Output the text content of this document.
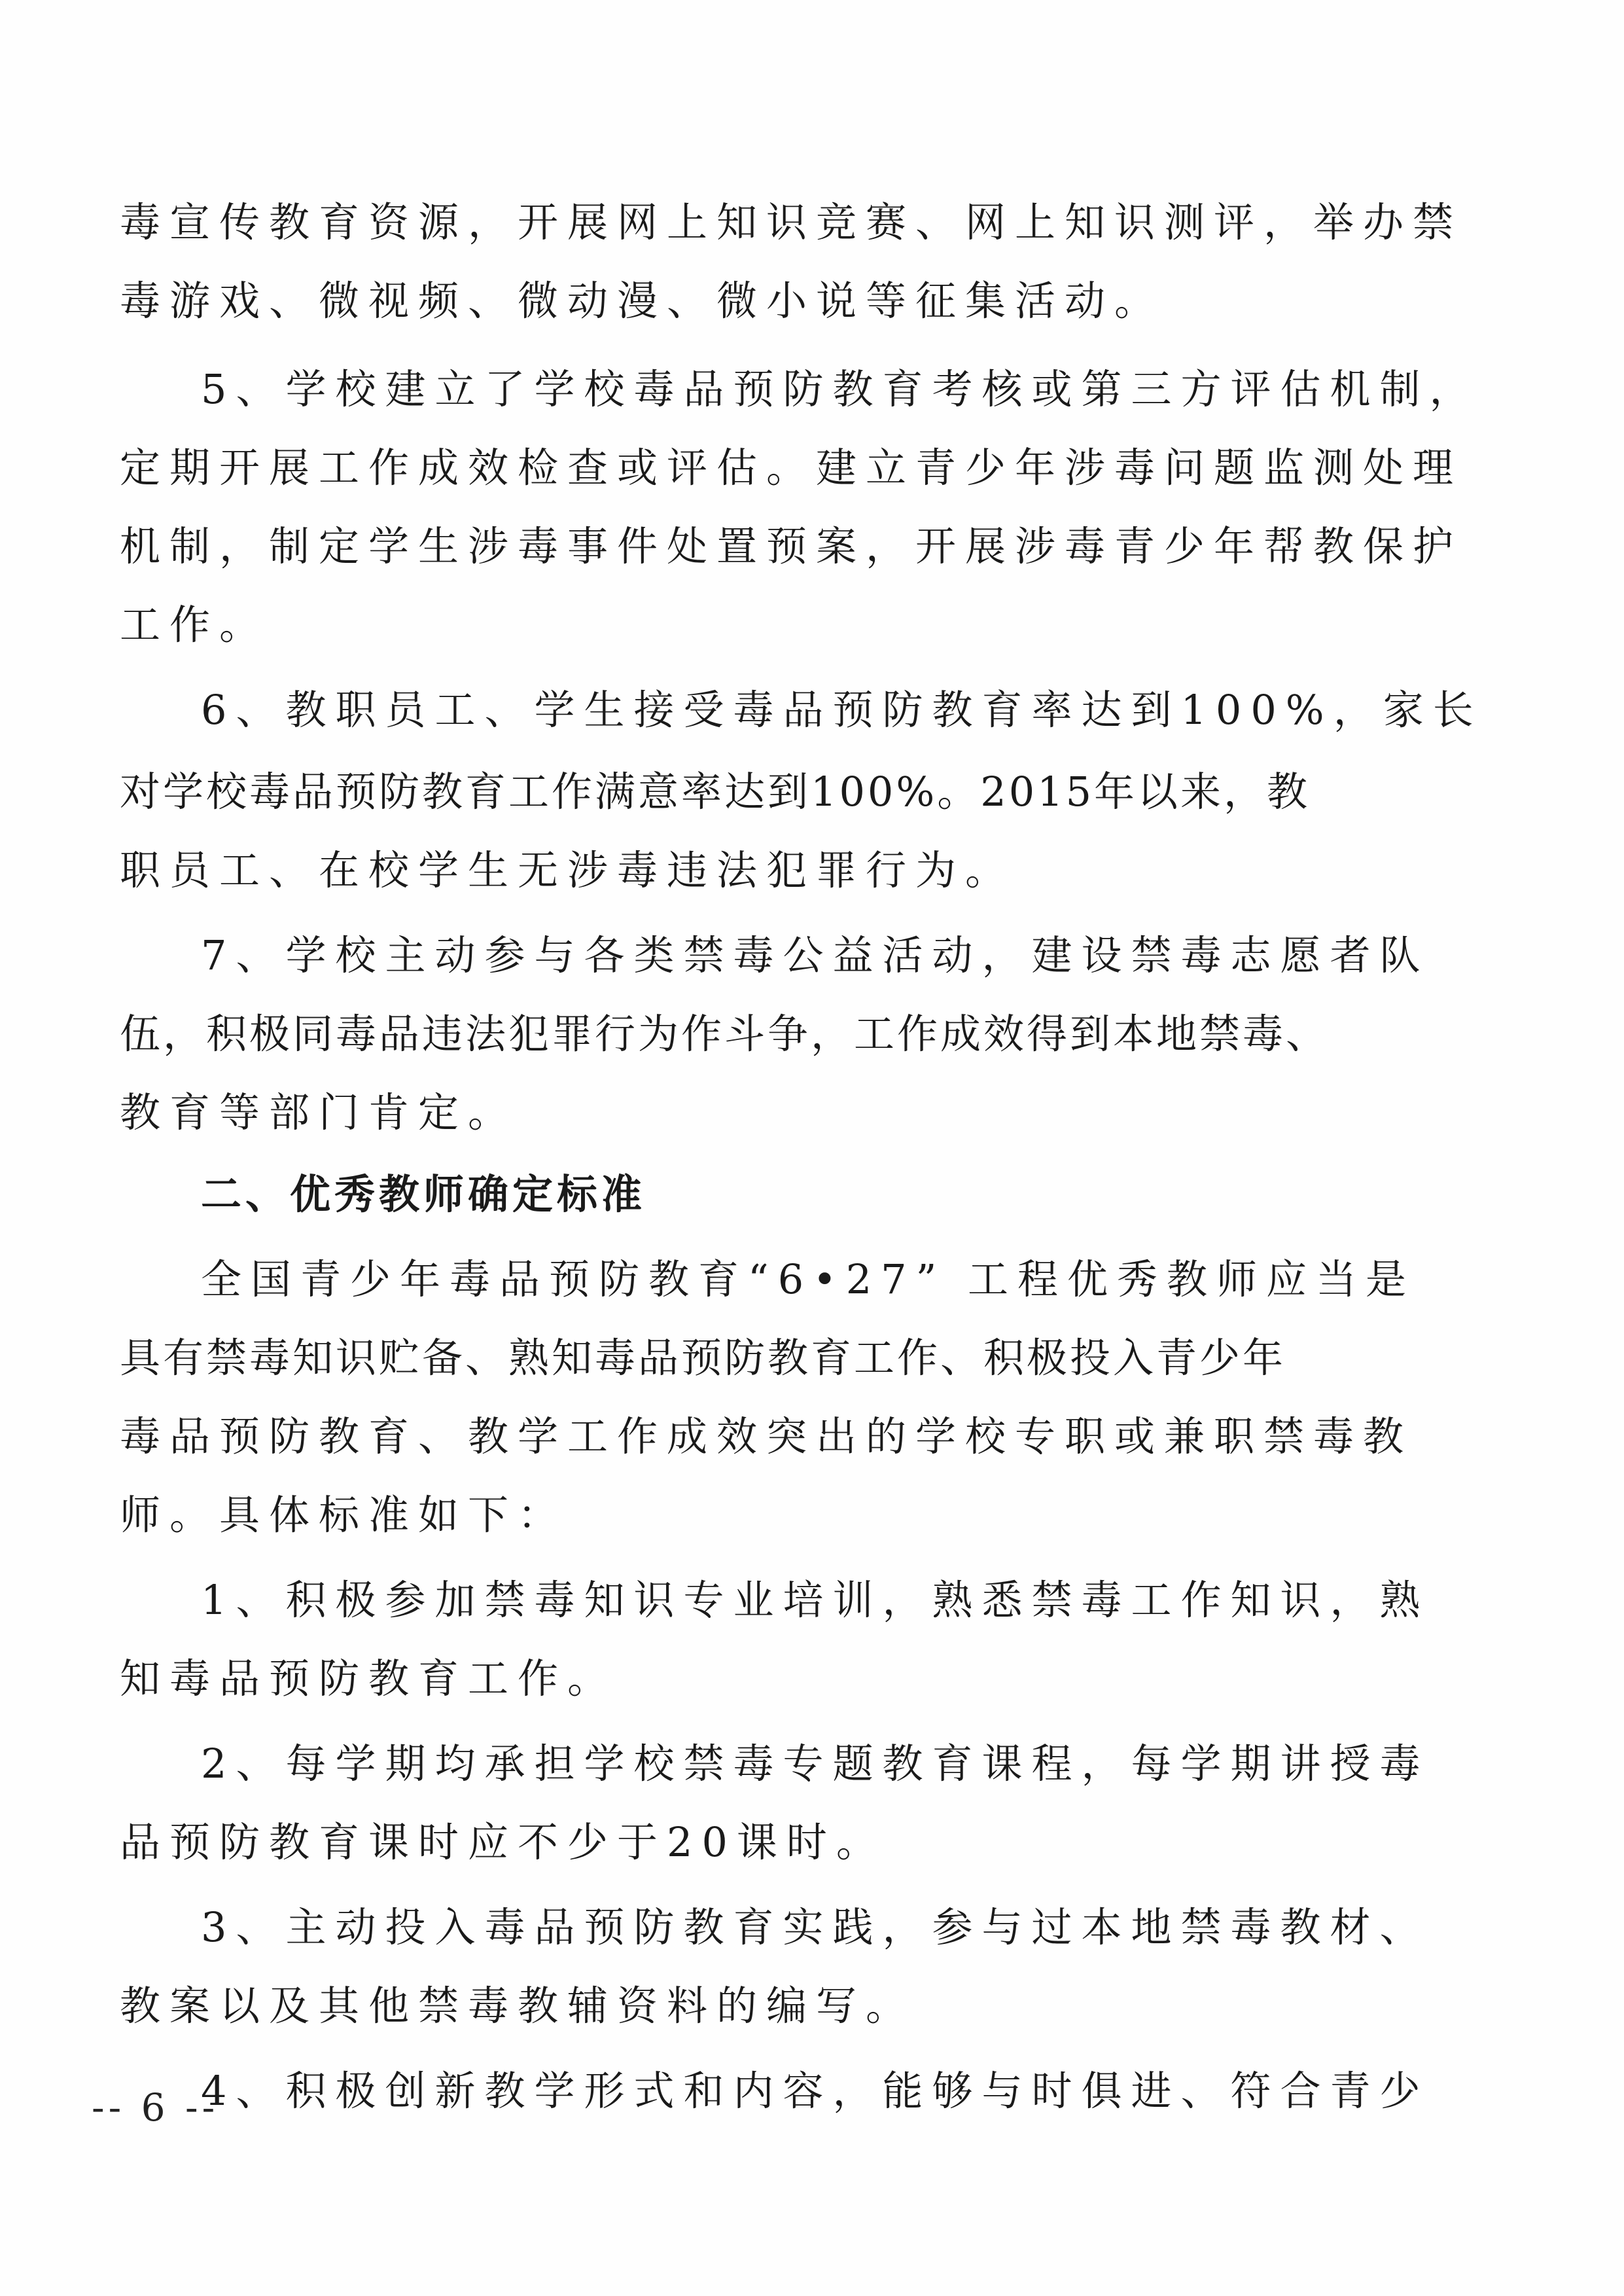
毒宣传教育资源，开展网上知识竞赛、网上知识测评，举办禁
毒游戏、微视频、微动漫、微小说等征集活动。
5、学校建立了学校毒品预防教育考核或第三方评估机制，
定期开展工作成效检查或评估。建立青少年涉毒问题监测处理
机制，制定学生涉毒事件处置预案，开展涉毒青少年帮教保护
工作。
6、教职员工、学生接受毒品预防教育率达到100%，家长
对学校毒品预防教育工作满意率达到100%。2015年以来，教
职员工、在校学生无涉毒违法犯罪行为。
7、学校主动参与各类禁毒公益活动，建设禁毒志愿者队
伍，积极同毒品违法犯罪行为作斗争，工作成效得到本地禁毒、
教育等部门肯定。
二、优秀教师确定标准
全国青少年毒品预防教育“6•27” 工程优秀教师应当是
具有禁毒知识贮备、熟知毒品预防教育工作、积极投入青少年
毒品预防教育、教学工作成效突出的学校专职或兼职禁毒教
师。具体标准如下：
1、积极参加禁毒知识专业培训，熟悉禁毒工作知识，熟
知毒品预防教育工作。
2、每学期均承担学校禁毒专题教育课程，每学期讲授毒
品预防教育课时应不少于20课时。
3、主动投入毒品预防教育实践，参与过本地禁毒教材、
教案以及其他禁毒教辅资料的编写。
4、积极创新教学形式和内容，能够与时俱进、符合青少
-- 6 --
